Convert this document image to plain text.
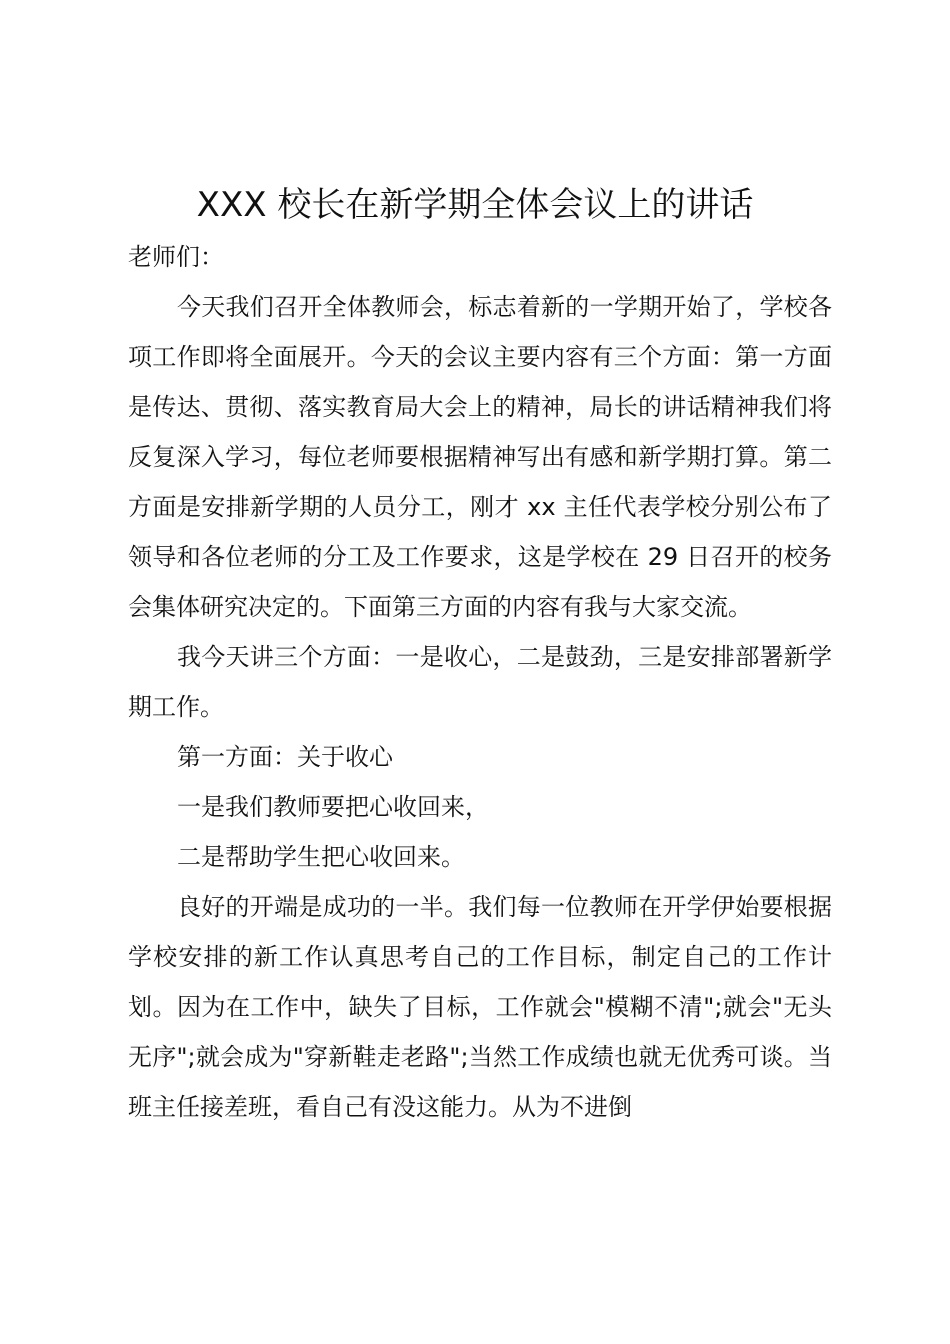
XXX 校长在新学期全体会议上的讲话

老师们：

今天我们召开全体教师会，标志着新的一学期开始了，学校各项工作即将全面展开。今天的会议主要内容有三个方面：第一方面是传达、贯彻、落实教育局大会上的精神，局长的讲话精神我们将反复深入学习，每位老师要根据精神写出有感和新学期打算。第二方面是安排新学期的人员分工，刚才 xx 主任代表学校分别公布了领导和各位老师的分工及工作要求，这是学校在 29 日召开的校务会集体研究决定的。下面第三方面的内容有我与大家交流。

我今天讲三个方面：一是收心，二是鼓劲，三是安排部署新学期工作。

第一方面：关于收心

一是我们教师要把心收回来，

二是帮助学生把心收回来。

良好的开端是成功的一半。我们每一位教师在开学伊始要根据学校安排的新工作认真思考自己的工作目标，制定自己的工作计划。因为在工作中，缺失了目标，工作就会"模糊不清";就会"无头无序";就会成为"穿新鞋走老路";当然工作成绩也就无优秀可谈。当班主任接差班，看自己有没这能力。从为不进倒
